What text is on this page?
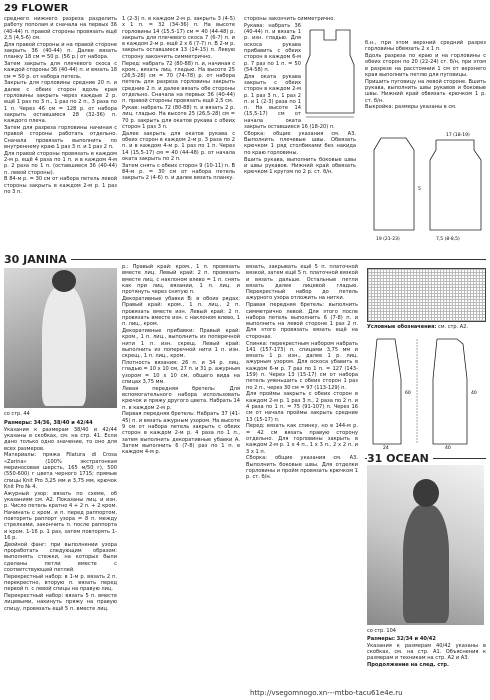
29 FLOWER

среднего нижнего разреза разделить работу пополам и сначала на первых 36 (40-44) п. правой стороны провязать ещё 2,5 (4,5-6) см.

Для правой стороны и на правой стороне закрыть 36 (40-44) п. Далее вязать планку 18 см = 50 р. (56 р.) от набора.

Затем закрыть для плечевого скоса с каждой стороны 36 (40-44) п. и вязать 18 см = 50 р. от набора петель.

Закрыть для горловины средние 20 п. и далее с обеих сторон вдоль края горловины закрыть через каждые 2 р. ещё 1 раз по 3 п., 1 раз по 2 п., 3 раза по 1 п. Через 46 см = 128 р. от набора закрыть оставшиеся 28 (32-36) п. каждого плеча.

Затем для разреза горловины начиная с правой стороны работать отдельно. Сначала провязать выполнить по внутреннему краю 1 раз 3 п. и 1 раз 2 п.

Для правой стороны провязать в каждом 2-м р. ещё 4 раза по 1 п. и в каждом 4-м р. 2 раза по 1 п. (оставшиеся 36 (40-44) п. левой стороны).

В 84-м р. = 30 см от набора петель левой стороны закрыть в каждом 2-м р. 1 раз по 3 п.

1 (2-3) п. в каждом 2-м р. закрыть 3 (4-5) х 1 п. = 32 (34-36) п. На высоте горловины 14 (15,5-17) см = 40 (44-48) р. закрыть для плечевого скоса 7 (6-7) п. и в каждом 2-м р. ещё 2 х 6 (7-7) п. В 2-м р. закрыть оставшиеся 13 (14-15) п. Левую сторону закончить симметрично.

Перед: набрать 72 (80-88) п. и, начиная с кром., вязать лиц. гладью. На высоте 25 (26,5-28) см = 70 (74-78) р. от набора петель для разреза горловины закрыть средние 2 п. и далее вязать обе стороны отдельно. Сначала на первых 36 (40-44) п. правой стороны провязать ещё 2,5 см.

Рукав: набрать 72 (80-88) п. и вязать 2 р. лиц. гладью. На высоте 25 (26,5-28) см = 70 р. закрыть для окатов рукава с обеих сторон 1 раз 3 п.

Далее закрыть для окатов рукава с обеих сторон в каждом 2-м р. 3 раза по 2 п. и в каждом 4-м р. 1 раз по 1 п. Через 14 (15,5-17) см = 40 (44-48) р. от начала оката закрыть по 2 п.

Затем снять с обеих сторон 9 (10-11) п. В 84-м р. = 30 см от набора петель закрыть 2 (4-6) п. и далее вязать планку.

стороны закончить симметрично.

Рукава: набрать 36 (40-44) п. и вязать 1 р. изн. гладью. Для оскоса рукава прибавить с обеих сторон в каждом 6-м р. 7 раз по 1 п. = 50 (54-58) п.

Для оката рукава закрыть с обеих сторон в каждом 2-м р. 1 раз 3 п., 1 раз 2 п. и 1 (2-3) раза по 1 п. На высоте 14 (15,5-17) см от начала оката закрыть оставшиеся 16 (18-20) п.

Сборка: общие указания см. А3. Выполнить плечевые швы. Обвязать крючком 1 ряд столбиками без накида по краю горловины.

Вшить рукава, выполнить боковые швы и швы рукавов. Нижний край обвязать крючком 1 кругом по 2 р. ст. б/н.

б.н., при этом верхний средний разрез горловины обвязать 2 х 1 п.

Вдоль разреза по краю и на горловины с обеих сторон по 20 (22-24) ст. б/н, при этом в разрезе на расстоянии 1 см от верхнего края выполнить петлю для пуговицы.

Пришить пуговицу на левой стороне. Вшить рукава, выполнить швы рукавов и боковые швы. Нижний край обвязать крючком 1 р. ст. б/н.

Выкройка: размеры указаны в см.

17 (18-19)
19 (21-23)	7,5 (8-8,5)
5
30 JANINA
со стр. 44

Размеры: 34/36, 38/40 и 42/44

Указания к размерам 38/40 и 42/44 указаны в скобках, см. на стр. 41. Если дано только одно значение, то оно для всех размеров.

Материалы: пряжа Filatura di Crosa «Zarina» (100% экстратонкая мериносовая шерсть, 165 м/50 г), 500 (550-600) г цвета черного 1715; прямые спицы Knit Pro 3,25 мм и 3,75 мм, крючок Knit Pro № 4.

Ажурный узор: вязать по схеме, об указаниям см. А2. Показаны лиц. и изн. р. Число петель кратно 4 + 2 п. + 2 кром. Начинать с кром. и п. перед раппортом, повторять раппорт узора = 8 п. между стрелками, закончить п. после раппорта и кром. 1-16 р. 1 раз, затем повторять 1-16 р.

Двойной фанг: при выполнении узора проработать следующим образом: выполнять стежки, на которых были сделаны петли вместе с соответствующей петлей.

Перекрестный набор: в 1-м р. вязать 2 п. перекрестно, вторую п. вязать перед первой п. с левой спицы на правую лиц.

Перекрестный набор: вязать 5 п. вместе лицевыми, накинуть пряжу на правую спицу, провязать ещё 5 п. вместе лиц.

р.: Правый край: кром., 1 п. провязать вместе лиц. Левый край: 2 п. провязать вместе лиц. с наклоном влево = 1 п. снять как при лиц. вязании, 1 п. лиц. и протянуть через снятую п.

Декоративные убавки В: в обоих рядах: Правый край: кром., 1 п. лиц., 2 п. провязать вместе изн. Левый край: 2 п. провязать вместе изн. с наклоном влево, 1 п. лиц., кром.

Декоративные прибавки: Правый край: кром., 1 п. лиц., выполнить из поперечной нити 1 п. изн. скрещ. Левый край: выполнить из поперечной нити 1 п. изн. скрещ., 1 п. лиц., кром.

Плотность вязания: 26 п. и 34 р. лиц. гладью = 10 х 10 см, 27 п. и 31 р. ажурным узором = 10 х 10 см, общего вида на спицах 3,75 мм.

Левая передняя бретель: Для вспомогательного набора использовать крючок и пряжу другого цвета. Набрать 14 п. в каждом 2-м р.

Первая передняя бретель: Набрать 37 (41-45) п. и вязать ажурным узором. На высоте 9 см от набора петель закрыть с обеих сторон в каждом 2-м р. 4 раза по 1 п., затем выполнить декоративные убавки А. Затем выполнить 6 (7-8) раз по 1 п. в каждом 4-м р.

вязать, закрывать ещё 5 п. платочной вязкой, затем ещё 5 п. платочной вязкой и вязать дальше. Остальные петли вязать далее лицевой гладью. Перекрестный набор до петель ажурного узора отложить на нитки.

Правая передняя бретель: выполнить симметрично левой. Для этого после набора петель выполнить 6 (7-8) п. и выполнить на левой стороне 1 раз 2 п. Для этого провязать вязать ещё на сторонах.

Спинка: перекрестным набором набрать 141 (157-173) п. спицами 3,75 мм и вязать 1 р. изн., далее 1 р. лиц. ажурным узором. Для оскоса убавить в каждом 6-м р. 7 раз по 1 п. = 127 (143-159) п. Через 13 (15-17) см от набора петель уменьшить с обеих сторон 1 раз по 2 п., через 30 см = 97 (113-129) п.

Для проймы закрыть с обеих сторон в каждом 2-м р. 1 раз 3 п., 2 раза по 2 п. и 4 раза по 1 п. = 75 (91-107) п. Через 16 см от начала проймы закрыть средние 13 (15-17) п.

Перед: вязать как спинку, но в 144-м р. = 42 см вязать правую сторону отдельно. Для горловины закрыть в каждом 2-м р. 1 х 4 п., 1 х 3 п., 2 х 2 п. и 3 х 1 п.

Сборка: общие указания см. А3. Выполнить боковые швы. Для отделки горловины и пройм провязать крючком 1 р. ст. б/н.

Условные обозначения: см. стр. А2.
60	40
24	40
31 OCEAN
со стр. 104

Размеры: 32/34 и 40/42

Указания к размерам 40/42 указаны в скобках, см. на стр. А1. Объяснения к размерам и техникам на стр. А2 и А3.

Продолжение на след. стр.

http://vsegomnogo.xn---mtbo-taсu61e4e.ru
